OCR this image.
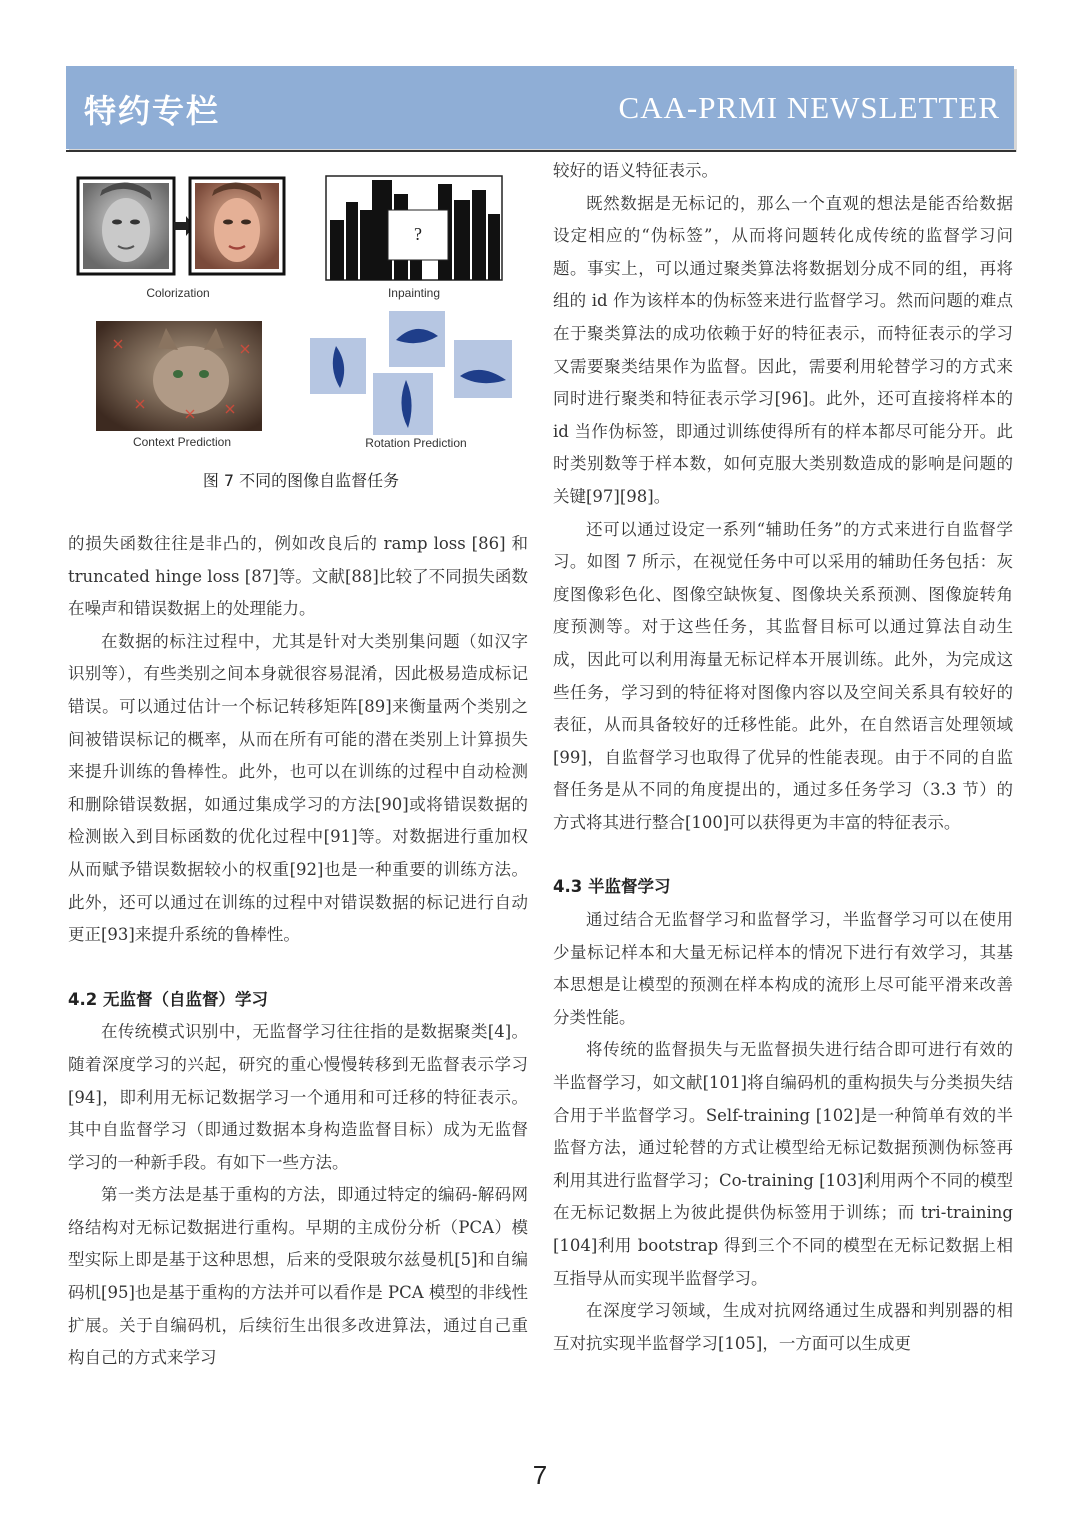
特约专栏	CAA-PRMI NEWSLETTER
?
Colorization	Inpainting
Context Prediction	Rotation Prediction
图 7 不同的图像自监督任务

的损失函数往往是非凸的，例如改良后的 ramp loss [86] 和 truncated hinge loss [87]等。文献[88]比较了不同损失函数在噪声和错误数据上的处理能力。

在数据的标注过程中，尤其是针对大类别集问题（如汉字识别等），有些类别之间本身就很容易混淆，因此极易造成标记错误。可以通过估计一个标记转移矩阵[89]来衡量两个类别之间被错误标记的概率，从而在所有可能的潜在类别上计算损失来提升训练的鲁棒性。此外，也可以在训练的过程中自动检测和删除错误数据，如通过集成学习的方法[90]或将错误数据的检测嵌入到目标函数的优化过程中[91]等。对数据进行重加权从而赋予错误数据较小的权重[92]也是一种重要的训练方法。此外，还可以通过在训练的过程中对错误数据的标记进行自动更正[93]来提升系统的鲁棒性。

4.2 无监督（自监督）学习

在传统模式识别中，无监督学习往往指的是数据聚类[4]。随着深度学习的兴起，研究的重心慢慢转移到无监督表示学习[94]，即利用无标记数据学习一个通用和可迁移的特征表示。其中自监督学习（即通过数据本身构造监督目标）成为无监督学习的一种新手段。有如下一些方法。

第一类方法是基于重构的方法，即通过特定的编码-解码网络结构对无标记数据进行重构。早期的主成份分析（PCA）模型实际上即是基于这种思想，后来的受限玻尔兹曼机[5]和自编码机[95]也是基于重构的方法并可以看作是 PCA 模型的非线性扩展。关于自编码机，后续衍生出很多改进算法，通过自己重构自己的方式来学习

较好的语义特征表示。

既然数据是无标记的，那么一个直观的想法是能否给数据设定相应的“伪标签”，从而将问题转化成传统的监督学习问题。事实上，可以通过聚类算法将数据划分成不同的组，再将组的 id 作为该样本的伪标签来进行监督学习。然而问题的难点在于聚类算法的成功依赖于好的特征表示，而特征表示的学习又需要聚类结果作为监督。因此，需要利用轮替学习的方式来同时进行聚类和特征表示学习[96]。此外，还可直接将样本的 id 当作伪标签，即通过训练使得所有的样本都尽可能分开。此时类别数等于样本数，如何克服大类别数造成的影响是问题的关键[97][98]。

还可以通过设定一系列“辅助任务”的方式来进行自监督学习。如图 7 所示，在视觉任务中可以采用的辅助任务包括：灰度图像彩色化、图像空缺恢复、图像块关系预测、图像旋转角度预测等。对于这些任务，其监督目标可以通过算法自动生成，因此可以利用海量无标记样本开展训练。此外，为完成这些任务，学习到的特征将对图像内容以及空间关系具有较好的表征，从而具备较好的迁移性能。此外，在自然语言处理领域[99]，自监督学习也取得了优异的性能表现。由于不同的自监督任务是从不同的角度提出的，通过多任务学习（3.3 节）的方式将其进行整合[100]可以获得更为丰富的特征表示。

4.3 半监督学习

通过结合无监督学习和监督学习，半监督学习可以在使用少量标记样本和大量无标记样本的情况下进行有效学习，其基本思想是让模型的预测在样本构成的流形上尽可能平滑来改善分类性能。

将传统的监督损失与无监督损失进行结合即可进行有效的半监督学习，如文献[101]将自编码机的重构损失与分类损失结合用于半监督学习。Self-training [102]是一种简单有效的半监督方法，通过轮替的方式让模型给无标记数据预测伪标签再利用其进行监督学习；Co-training [103]利用两个不同的模型在无标记数据上为彼此提供伪标签用于训练；而 tri-training [104]利用 bootstrap 得到三个不同的模型在无标记数据上相互指导从而实现半监督学习。

在深度学习领域，生成对抗网络通过生成器和判别器的相互对抗实现半监督学习[105]，一方面可以生成更

7
